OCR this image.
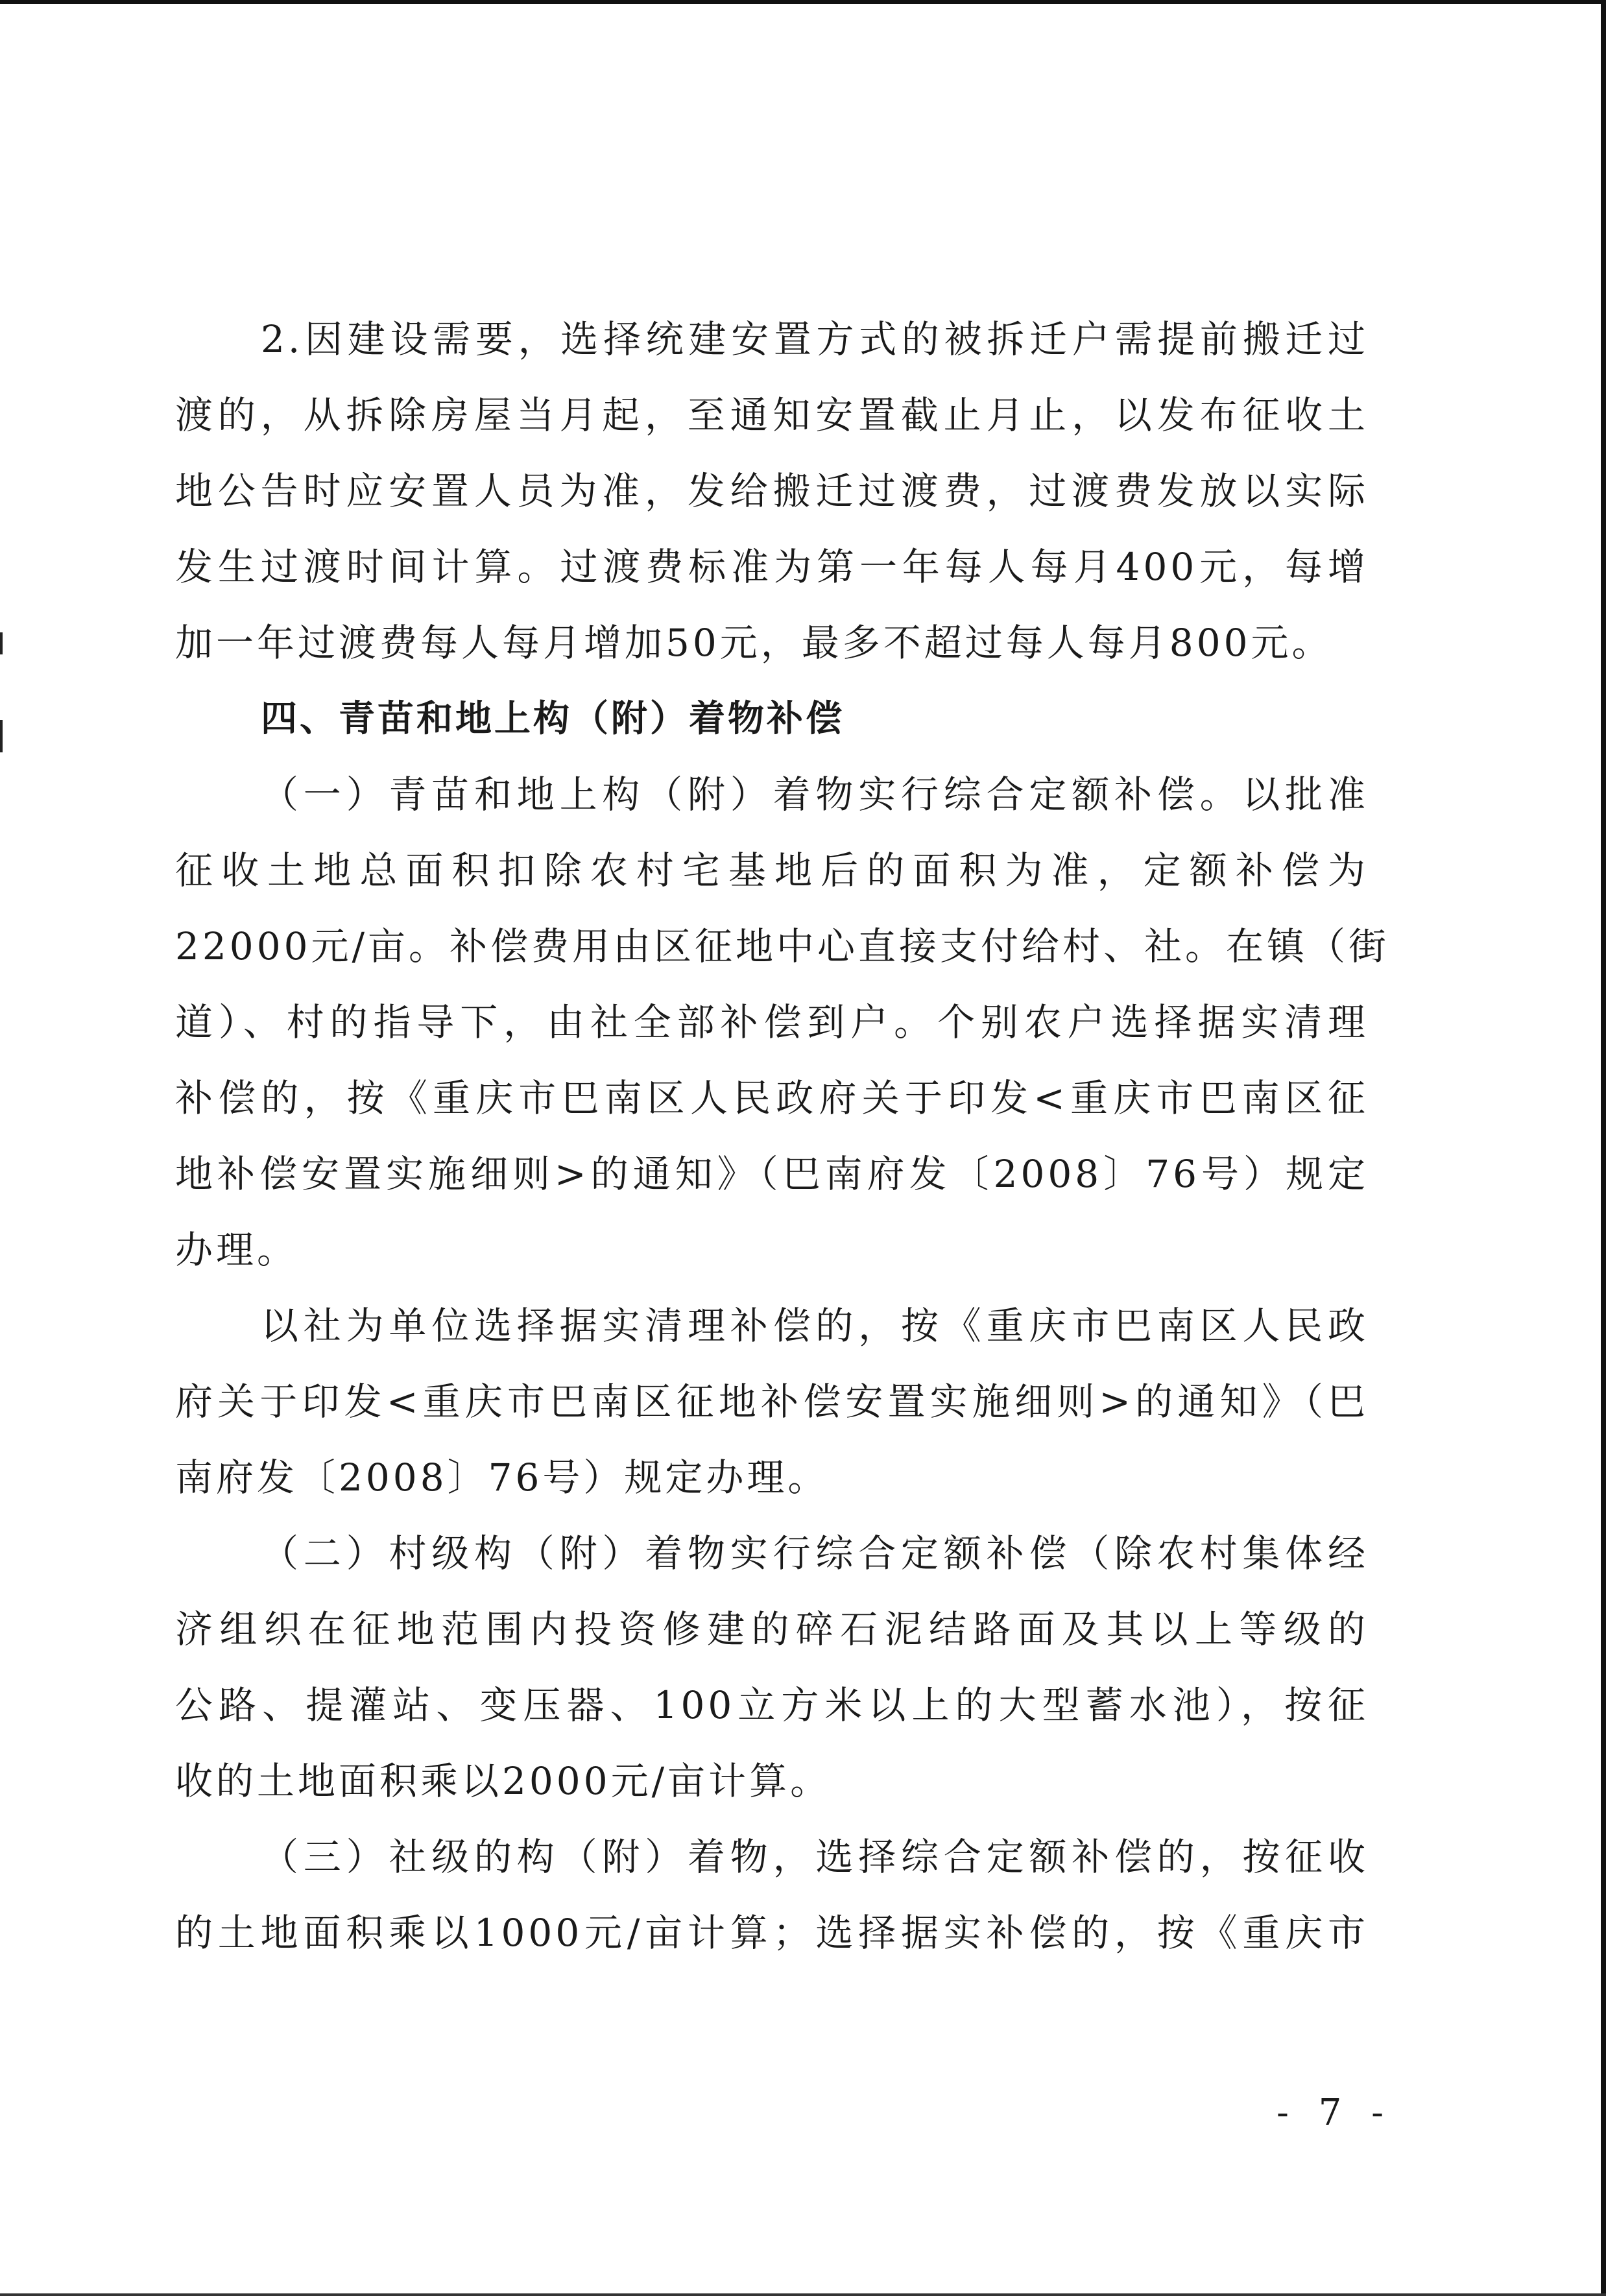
2.因建设需要，选择统建安置方式的被拆迁户需提前搬迁过
渡的，从拆除房屋当月起，至通知安置截止月止，以发布征收土
地公告时应安置人员为准，发给搬迁过渡费，过渡费发放以实际
发生过渡时间计算。过渡费标准为第一年每人每月400元，每增
加一年过渡费每人每月增加50元，最多不超过每人每月800元。
四、青苗和地上构（附）着物补偿
（一）青苗和地上构（附）着物实行综合定额补偿。以批准
征收土地总面积扣除农村宅基地后的面积为准，定额补偿为
22000元/亩。补偿费用由区征地中心直接支付给村、社。在镇（街
道）、村的指导下，由社全部补偿到户。个别农户选择据实清理
补偿的，按《重庆市巴南区人民政府关于印发<重庆市巴南区征
地补偿安置实施细则>的通知》（巴南府发〔2008〕76号）规定
办理。
以社为单位选择据实清理补偿的，按《重庆市巴南区人民政
府关于印发<重庆市巴南区征地补偿安置实施细则>的通知》（巴
南府发〔2008〕76号）规定办理。
（二）村级构（附）着物实行综合定额补偿（除农村集体经
济组织在征地范围内投资修建的碎石泥结路面及其以上等级的
公路、提灌站、变压器、100立方米以上的大型蓄水池），按征
收的土地面积乘以2000元/亩计算。
（三）社级的构（附）着物，选择综合定额补偿的，按征收
的土地面积乘以1000元/亩计算；选择据实补偿的，按《重庆市
- 7 -
